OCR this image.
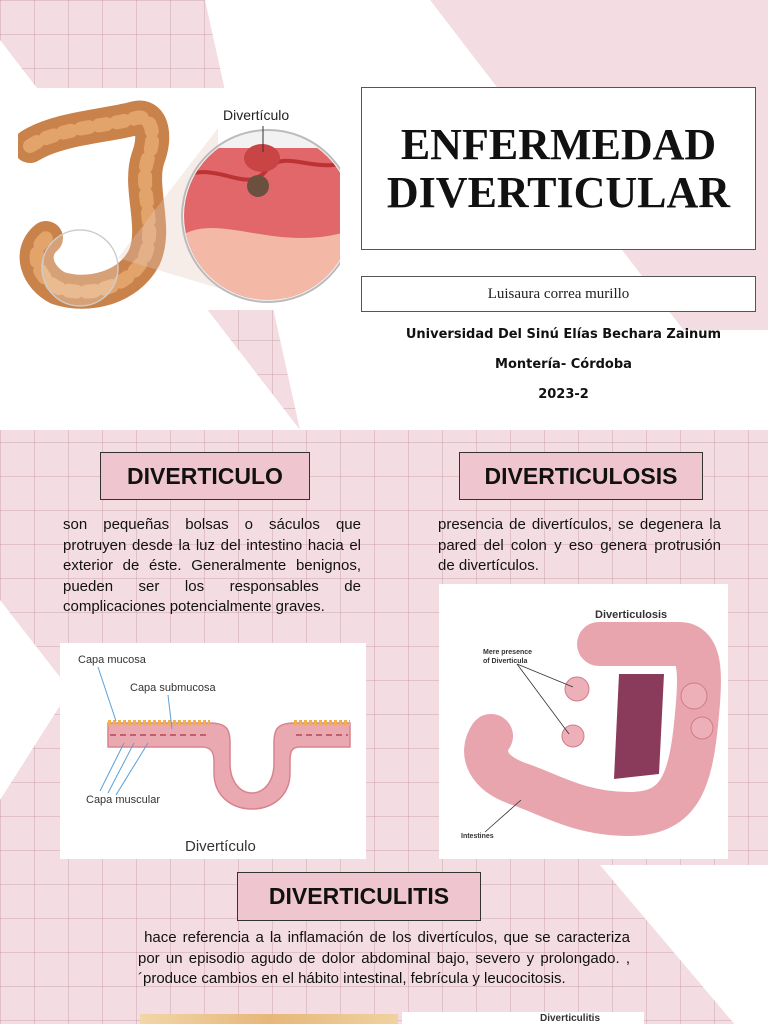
Divertículo
ENFERMEDAD
DIVERTICULAR
Luisaura correa murillo
Universidad Del Sinú Elías Bechara Zainum
Montería- Córdoba
2023-2
DIVERTICULO
son pequeñas bolsas o sáculos que protruyen desde la luz del intestino hacia el exterior de éste. Generalmente benignos, pueden ser los responsables de complicaciones potencialmente graves.
DIVERTICULOSIS
presencia de divertículos, se degenera la pared del colon y eso genera protrusión de divertículos.
Capa mucosa
Capa submucosa
Capa muscular
Divertículo
Diverticulosis
Mere presence of Diverticula
Intestines
DIVERTICULITIS
hace referencia a la inflamación de los divertículos, que se caracteriza por un episodio agudo de dolor abdominal bajo, severo y prolongado. ,´produce cambios en el hábito intestinal, febrícula y leucocitosis.
Diverticulitis
